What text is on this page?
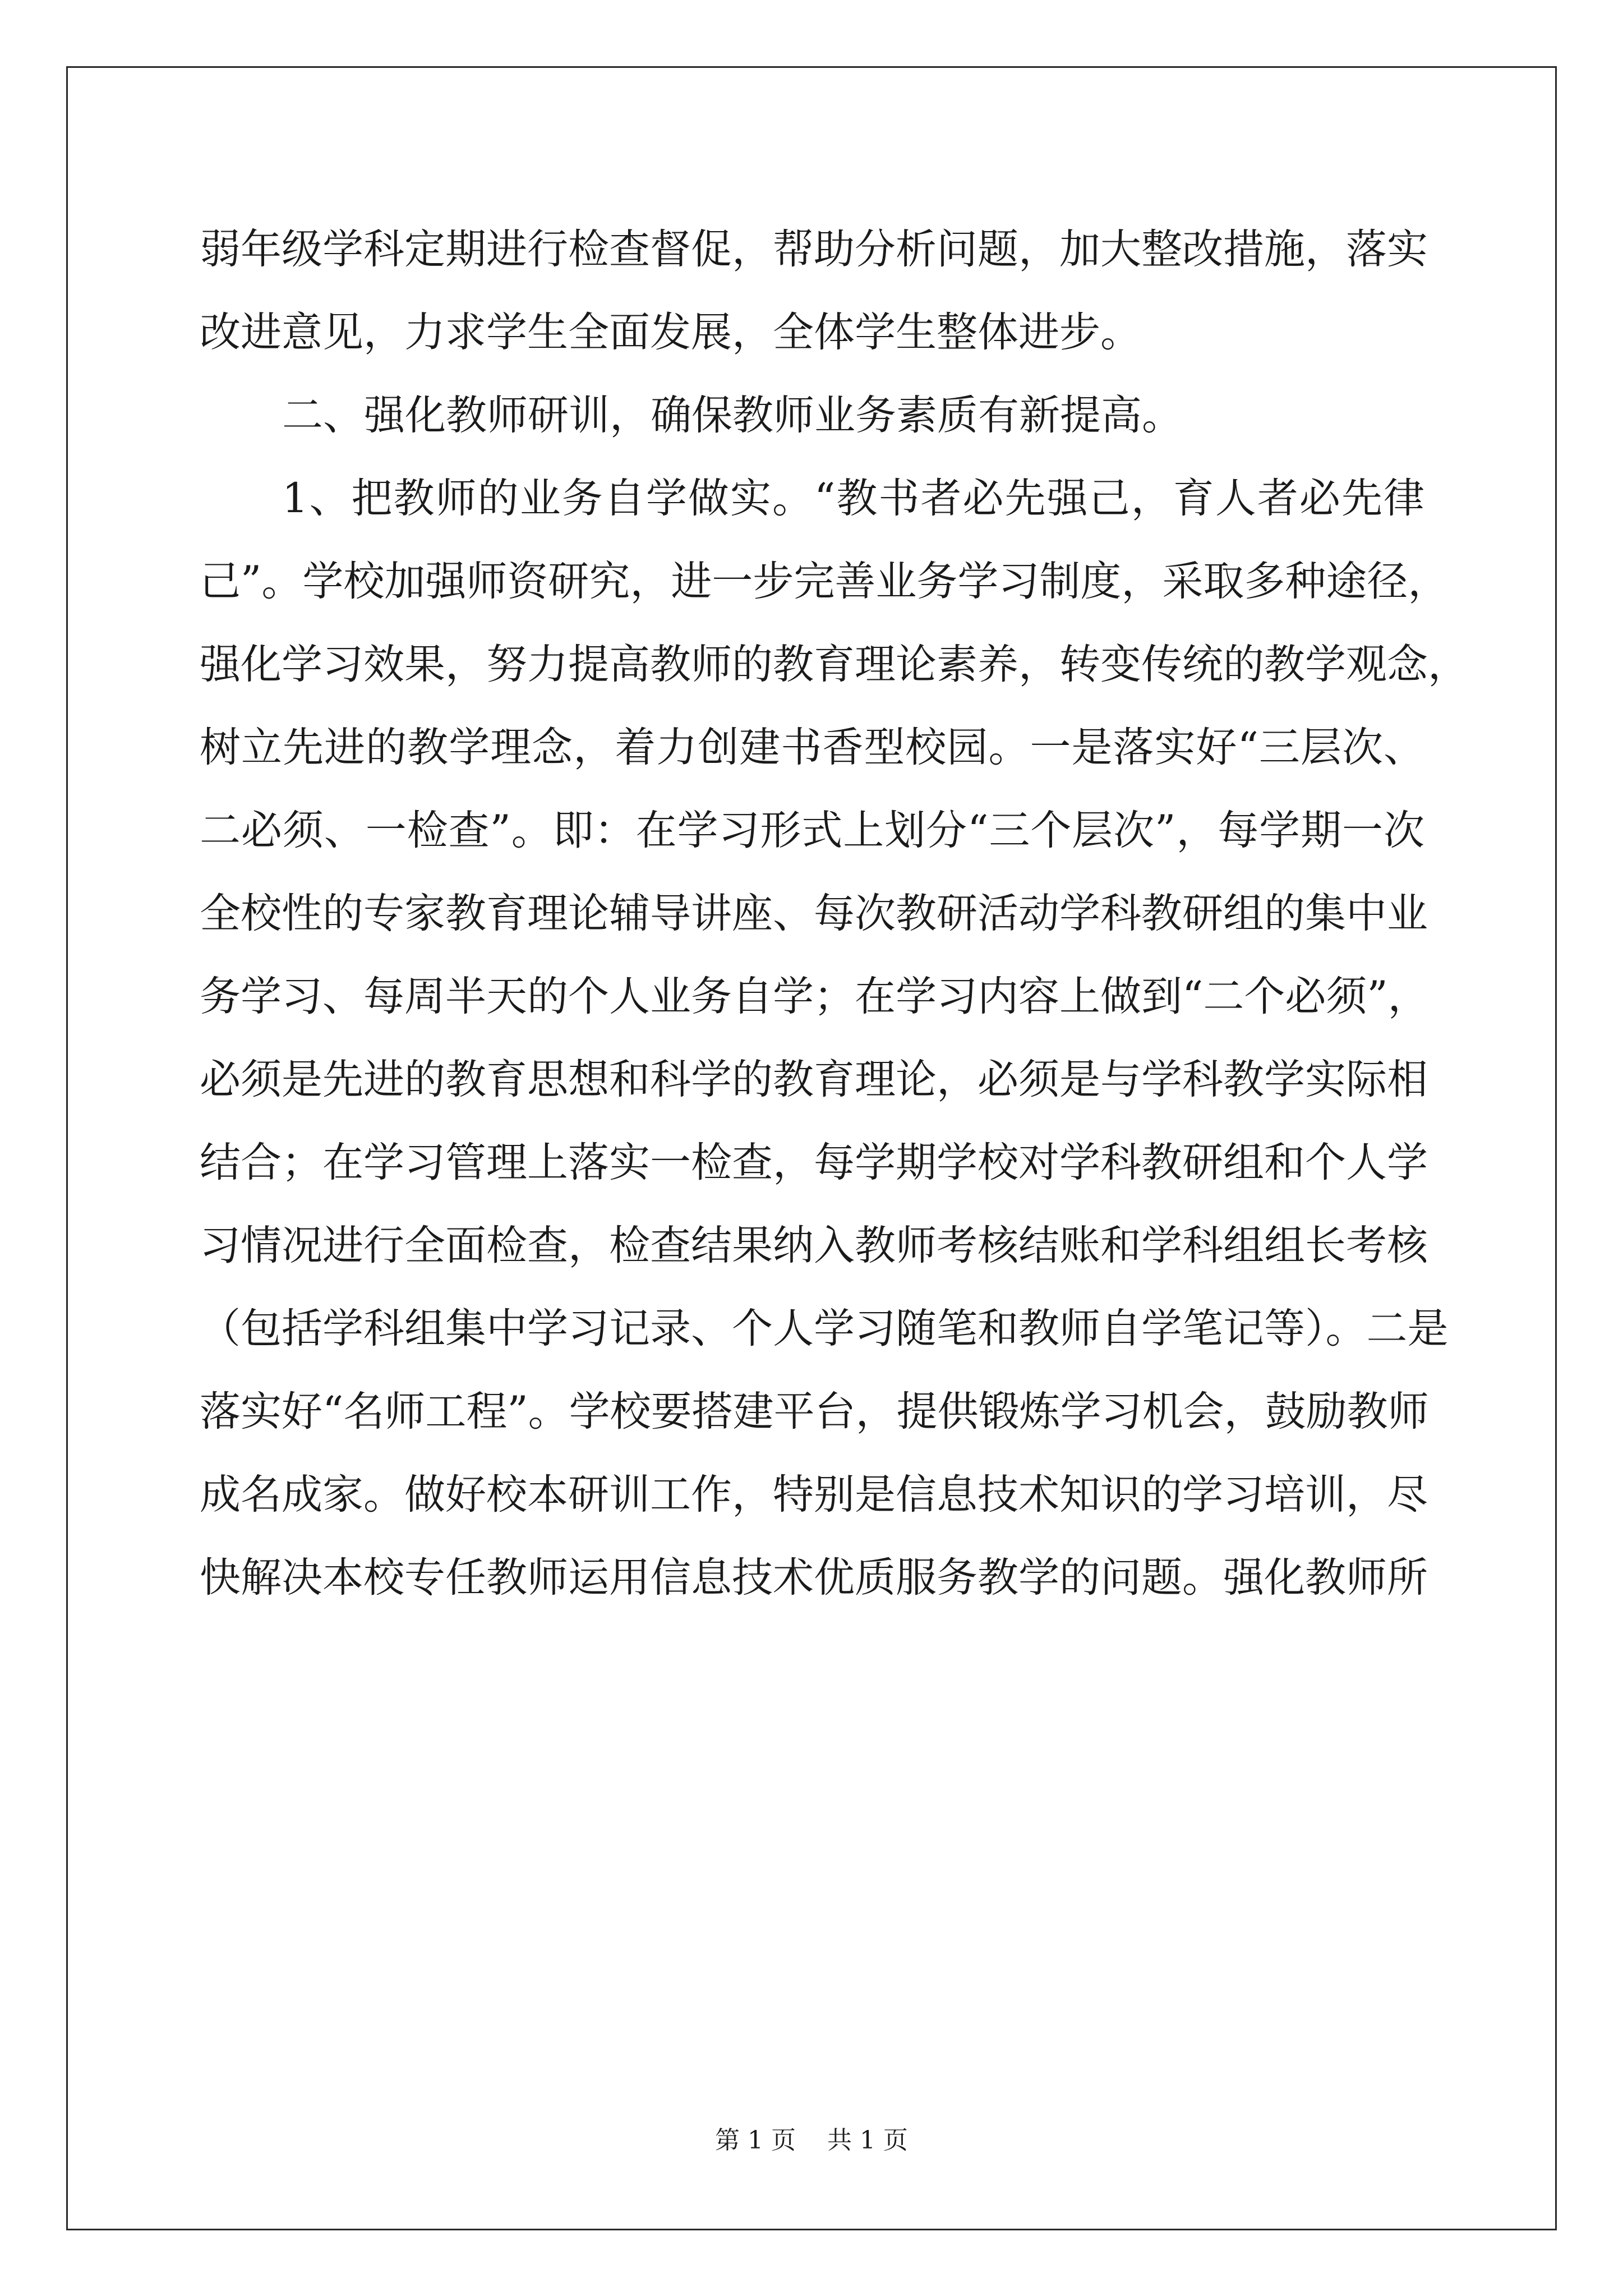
弱年级学科定期进行检查督促，帮助分析问题，加大整改措施，落实
改进意见，力求学生全面发展，全体学生整体进步。
二、强化教师研训，确保教师业务素质有新提高。
1、把教师的业务自学做实。“教书者必先强己，育人者必先律
己”。学校加强师资研究，进一步完善业务学习制度，采取多种途径，
强化学习效果，努力提高教师的教育理论素养，转变传统的教学观念，
树立先进的教学理念，着力创建书香型校园。一是落实好“三层次、
二必须、一检查”。即：在学习形式上划分“三个层次”，每学期一次
全校性的专家教育理论辅导讲座、每次教研活动学科教研组的集中业
务学习、每周半天的个人业务自学；在学习内容上做到“二个必须”，
必须是先进的教育思想和科学的教育理论，必须是与学科教学实际相
结合；在学习管理上落实一检查，每学期学校对学科教研组和个人学
习情况进行全面检查，检查结果纳入教师考核结账和学科组组长考核
（包括学科组集中学习记录、个人学习随笔和教师自学笔记等）。二是
落实好“名师工程”。学校要搭建平台，提供锻炼学习机会，鼓励教师
成名成家。做好校本研训工作，特别是信息技术知识的学习培训，尽
快解决本校专任教师运用信息技术优质服务教学的问题。强化教师所
第 1 页    共 1 页
